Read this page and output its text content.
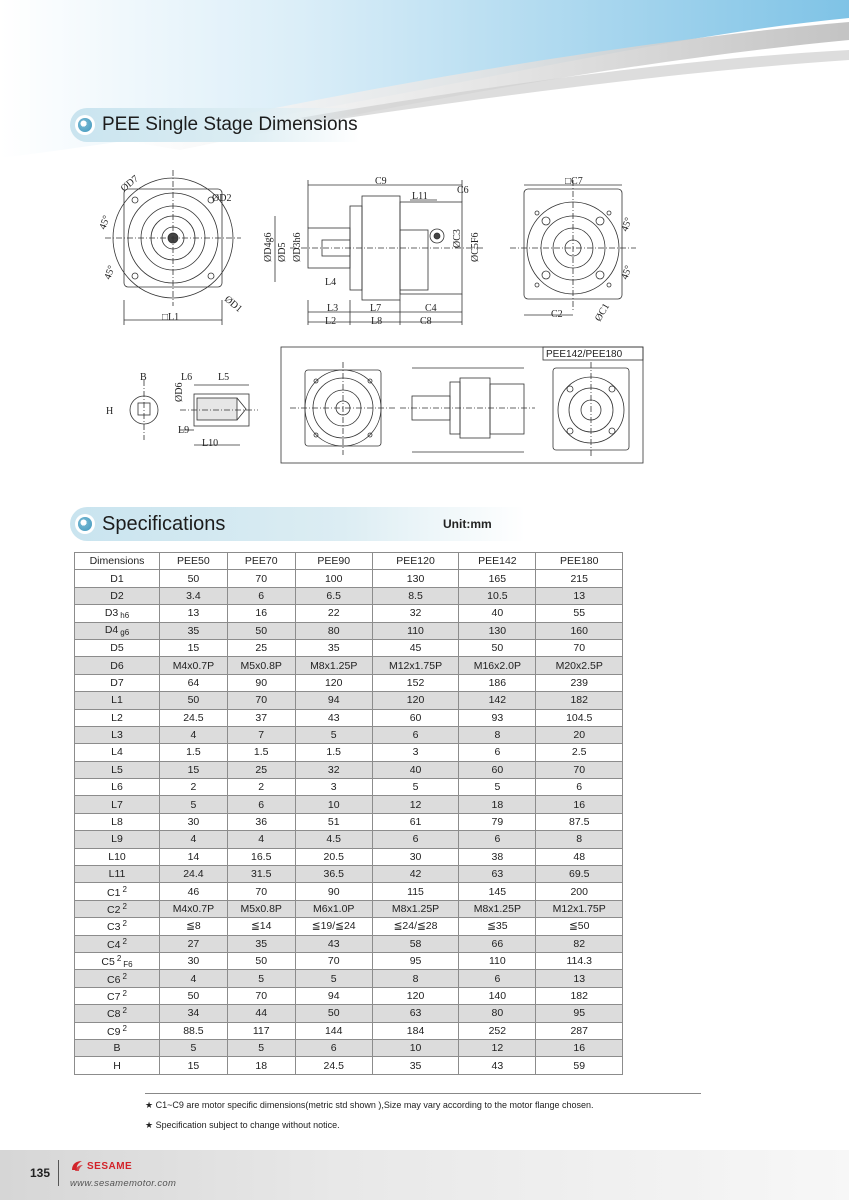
PEE Single Stage Dimensions
ØD7
ØD2
ØD1
45°
45°
□L1
C9
C6
L11
ØD4g6 ØD5 ØD3h6	ØC3 ØC5F6
L4
L3	L7	C4
L2	L8	C8
□C7
45°
45°
C2	ØC1
B
H
L6	L5
ØD6
L9
L10
PEE142/PEE180
Specifications	Unit:mm
Dimensions	PEE50	PEE70	PEE90	PEE120	PEE142	PEE180
D1	50	70	100	130	165	215
D2	3.4	6	6.5	8.5	10.5	13
D3 $_{h6}$	13	16	22	32	40	55
D4 $_{g6}$	35	50	80	110	130	160
D5	15	25	35	45	50	70
D6	M4x0.7P	M5x0.8P	M8x1.25P	M12x1.75P	M16x2.0P	M20x2.5P
D7	64	90	120	152	186	239
L1	50	70	94	120	142	182
L2	24.5	37	43	60	93	104.5
L3	4	7	5	6	8	20
L4	1.5	1.5	1.5	3	6	2.5
L5	15	25	32	40	60	70
L6	2	2	3	5	5	6
L7	5	6	10	12	18	16
L8	30	36	51	61	79	87.5
L9	4	4	4.5	6	6	8
L10	14	16.5	20.5	30	38	48
L11	24.4	31.5	36.5	42	63	69.5
C1 $^2$	46	70	90	115	145	200
C2 $^2$	M4x0.7P	M5x0.8P	M6x1.0P	M8x1.25P	M8x1.25P	M12x1.75P
C3 $^2$	≦8	≦14	≦19/≦24	≦24/≦28	≦35	≦50
C4 $^2$	27	35	43	58	66	82
C5 $^2_{F6}$	30	50	70	95	110	114.3
C6 $^2$	4	5	5	8	6	13
C7 $^2$	50	70	94	120	140	182
C8 $^2$	34	44	50	63	80	95
C9 $^2$	88.5	117	144	184	252	287
B	5	5	6	10	12	16
H	15	18	24.5	35	43	59
★ C1~C9 are motor specific dimensions(metric std shown ),Size may vary according to the motor flange chosen.
★ Specification subject to change without notice.
135	SESAME
www.sesamemotor.com
